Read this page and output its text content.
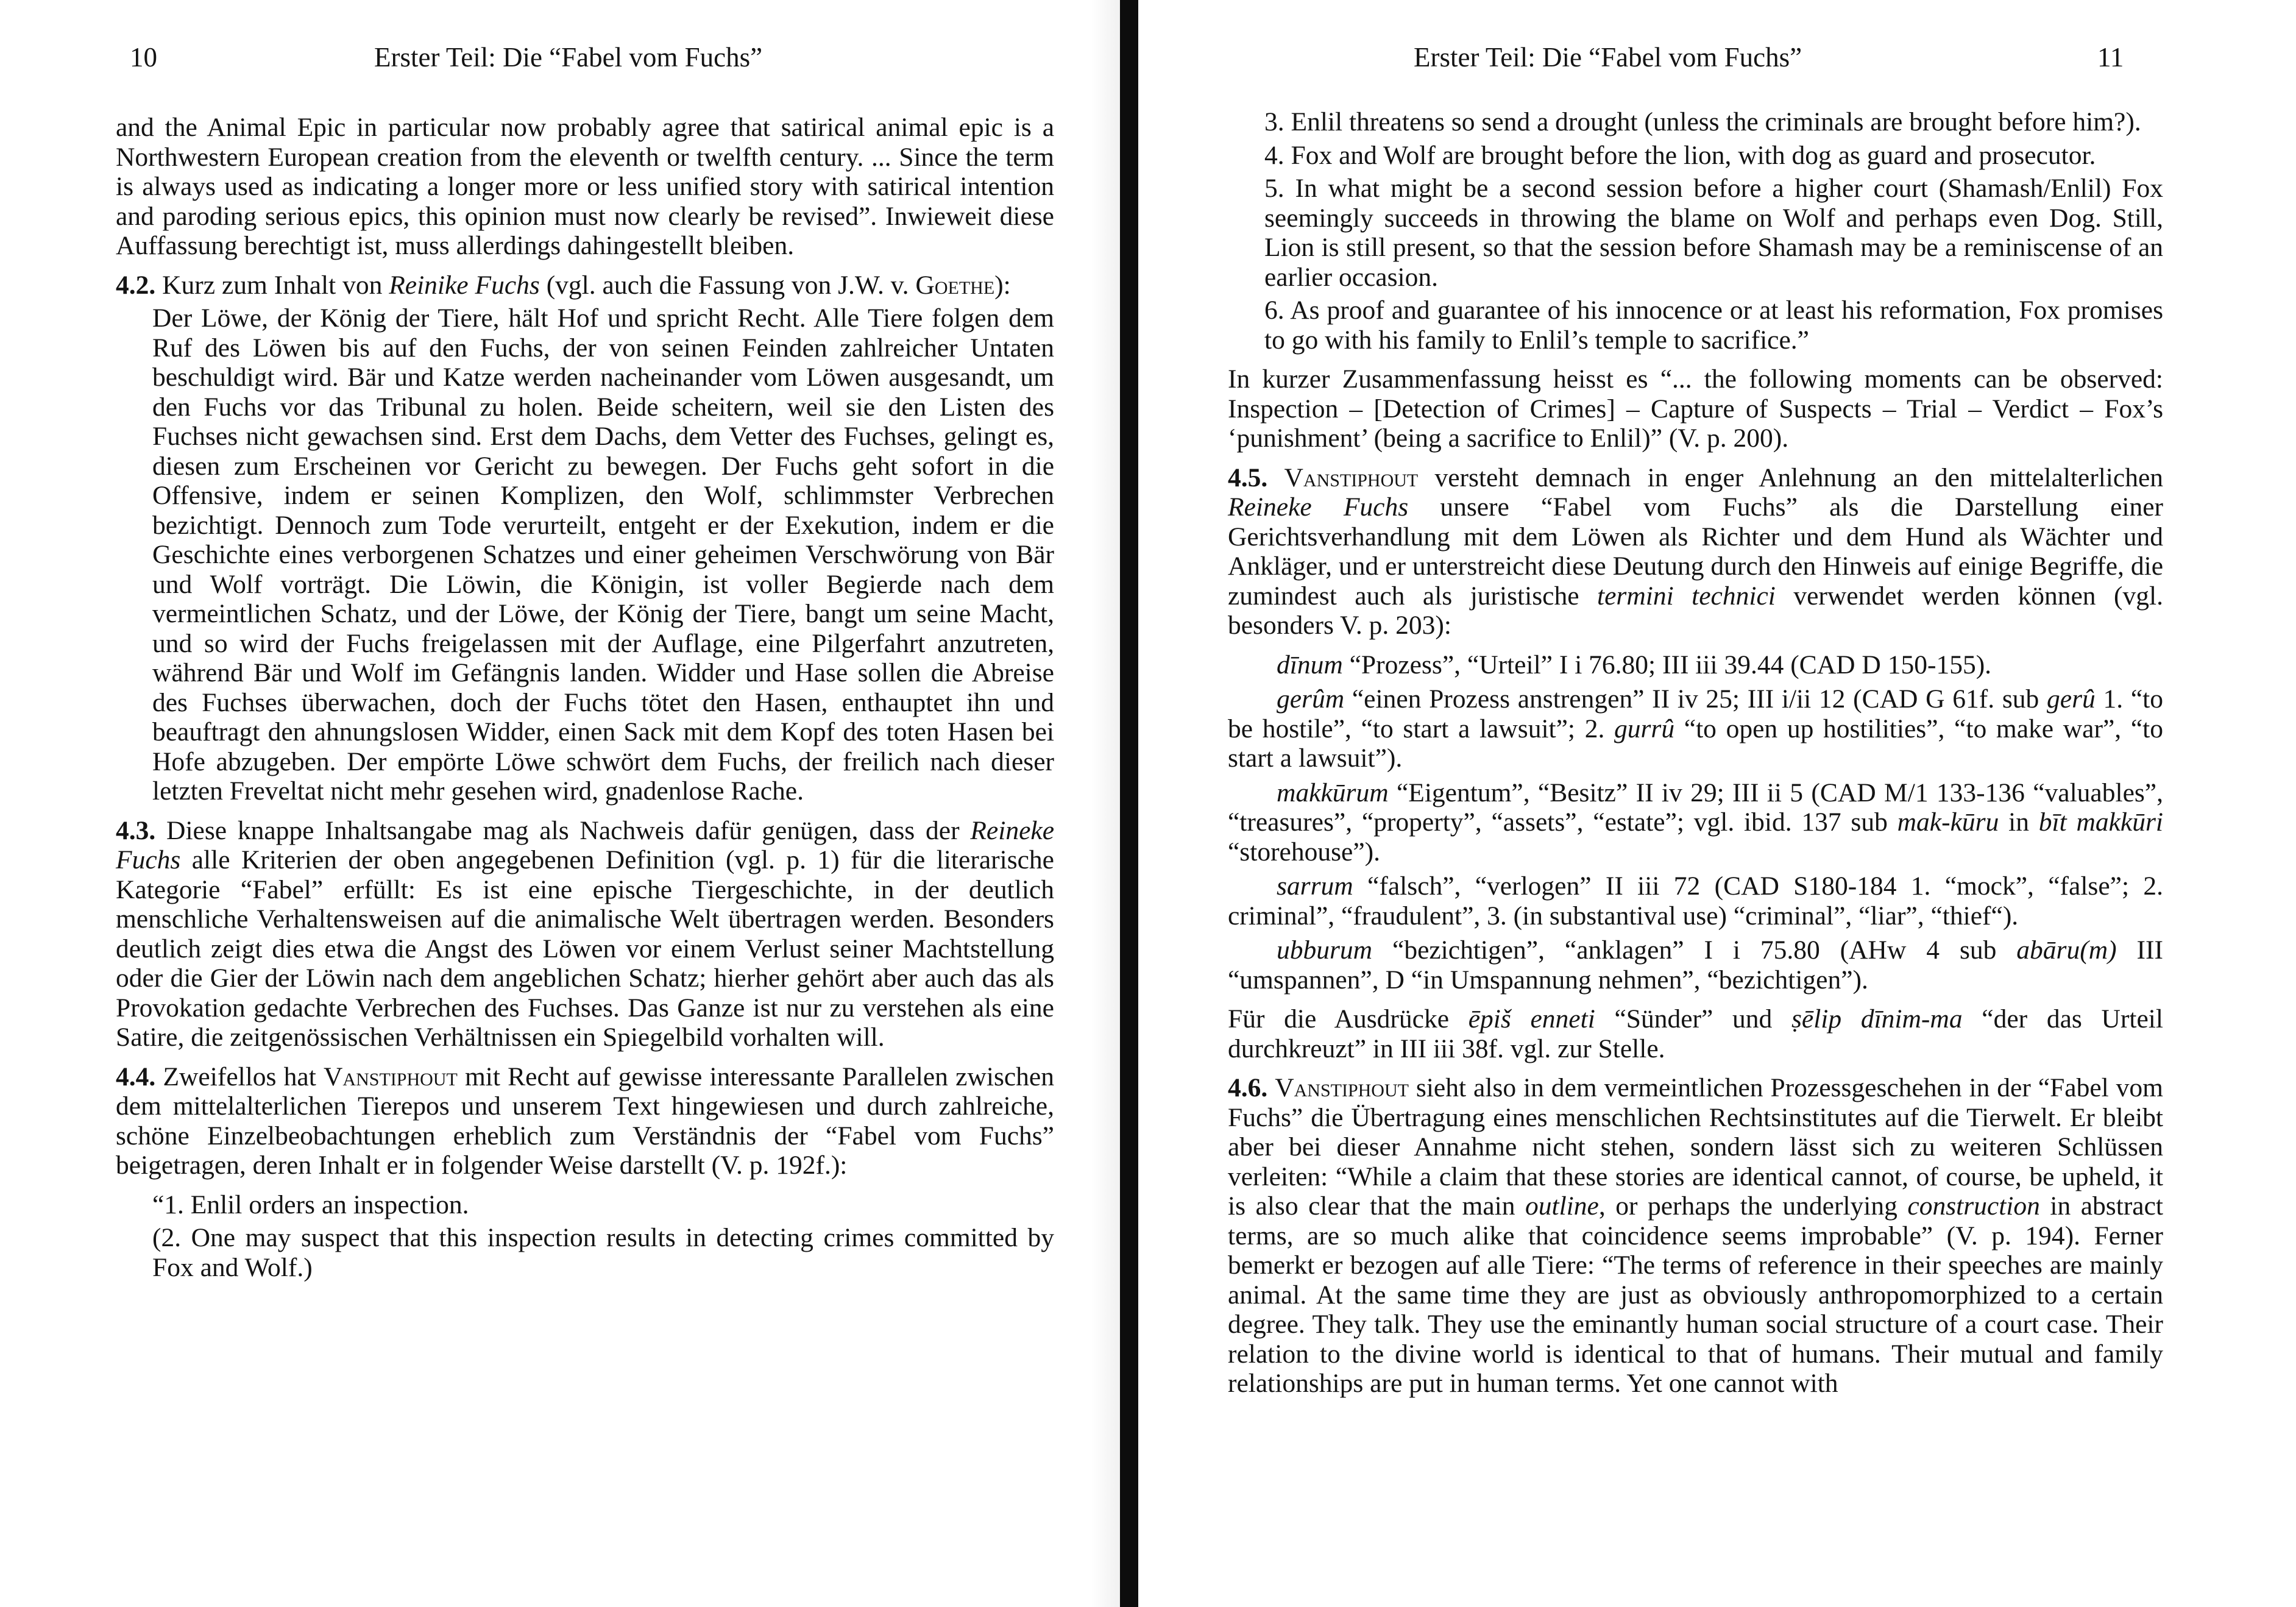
10	Erster Teil: Die “Fabel vom Fuchs”

and the Animal Epic in particular now probably agree that satirical animal epic is a Northwestern European creation from the eleventh or twelfth century. ... Since the term is always used as indicating a longer more or less unified story with satirical intention and paroding serious epics, this opinion must now clearly be revised”. Inwieweit diese Auffassung berechtigt ist, muss allerdings dahingestellt bleiben.

4.2. Kurz zum Inhalt von Reinike Fuchs (vgl. auch die Fassung von J.W. v. Goethe):

Der Löwe, der König der Tiere, hält Hof und spricht Recht. Alle Tiere folgen dem Ruf des Löwen bis auf den Fuchs, der von seinen Feinden zahlreicher Untaten beschuldigt wird. Bär und Katze werden nacheinander vom Löwen ausgesandt, um den Fuchs vor das Tribunal zu holen. Beide scheitern, weil sie den Listen des Fuchses nicht gewachsen sind. Erst dem Dachs, dem Vetter des Fuchses, gelingt es, diesen zum Erscheinen vor Gericht zu bewegen. Der Fuchs geht sofort in die Offensive, indem er seinen Komplizen, den Wolf, schlimmster Verbrechen bezichtigt. Dennoch zum Tode verurteilt, entgeht er der Exekution, indem er die Geschichte eines verborgenen Schatzes und einer geheimen Verschwörung von Bär und Wolf vorträgt. Die Löwin, die Königin, ist voller Begierde nach dem vermeintlichen Schatz, und der Löwe, der König der Tiere, bangt um seine Macht, und so wird der Fuchs freigelassen mit der Auflage, eine Pilgerfahrt anzutreten, während Bär und Wolf im Gefängnis landen. Widder und Hase sollen die Abreise des Fuchses überwachen, doch der Fuchs tötet den Hasen, enthauptet ihn und beauftragt den ahnungslosen Widder, einen Sack mit dem Kopf des toten Hasen bei Hofe abzugeben. Der empörte Löwe schwört dem Fuchs, der freilich nach dieser letzten Freveltat nicht mehr gesehen wird, gnadenlose Rache.

4.3. Diese knappe Inhaltsangabe mag als Nachweis dafür genügen, dass der Reineke Fuchs alle Kriterien der oben angegebenen Definition (vgl. p. 1) für die literarische Kategorie “Fabel” erfüllt: Es ist eine epische Tiergeschichte, in der deutlich menschliche Verhaltensweisen auf die animalische Welt übertragen werden. Besonders deutlich zeigt dies etwa die Angst des Löwen vor einem Verlust seiner Machtstellung oder die Gier der Löwin nach dem angeblichen Schatz; hierher gehört aber auch das als Provokation gedachte Verbrechen des Fuchses. Das Ganze ist nur zu verstehen als eine Satire, die zeitgenössischen Verhältnissen ein Spiegelbild vorhalten will.

4.4. Zweifellos hat Vanstiphout mit Recht auf gewisse interessante Parallelen zwischen dem mittelalterlichen Tierepos und unserem Text hingewiesen und durch zahlreiche, schöne Einzelbeobachtungen erheblich zum Verständnis der “Fabel vom Fuchs” beigetragen, deren Inhalt er in folgender Weise darstellt (V. p. 192f.):

“1. Enlil orders an inspection.

(2. One may suspect that this inspection results in detecting crimes committed by Fox and Wolf.)

Erster Teil: Die “Fabel vom Fuchs”	11

3. Enlil threatens so send a drought (unless the criminals are brought before him?).

4. Fox and Wolf are brought before the lion, with dog as guard and prosecutor.

5. In what might be a second session before a higher court (Shamash/Enlil) Fox seemingly succeeds in throwing the blame on Wolf and perhaps even Dog. Still, Lion is still present, so that the session before Shamash may be a reminiscense of an earlier occasion.

6. As proof and guarantee of his innocence or at least his reformation, Fox promises to go with his family to Enlil’s temple to sacrifice.”

In kurzer Zusammenfassung heisst es “... the following moments can be observed: Inspection – [Detection of Crimes] – Capture of Suspects – Trial – Verdict – Fox’s ‘punishment’ (being a sacrifice to Enlil)” (V. p. 200).

4.5. Vanstiphout versteht demnach in enger Anlehnung an den mittelalterlichen Reineke Fuchs unsere “Fabel vom Fuchs” als die Darstellung einer Gerichtsverhandlung mit dem Löwen als Richter und dem Hund als Wächter und Ankläger, und er unterstreicht diese Deutung durch den Hinweis auf einige Begriffe, die zumindest auch als juristische termini technici verwendet werden können (vgl. besonders V. p. 203):

dīnum “Prozess”, “Urteil” I i 76.80; III iii 39.44 (CAD D 150-155).

gerûm “einen Prozess anstrengen” II iv 25; III i/ii 12 (CAD G 61f. sub gerû 1. “to be hostile”, “to start a lawsuit”; 2. gurrû “to open up hostilities”, “to make war”, “to start a lawsuit”).

makkūrum “Eigentum”, “Besitz” II iv 29; III ii 5 (CAD M/1 133-136 “valuables”, “treasures”, “property”, “assets”, “estate”; vgl. ibid. 137 sub mak-kūru in bīt makkūri “storehouse”).

sarrum “falsch”, “verlogen” II iii 72 (CAD S180-184 1. “mock”, “false”; 2. criminal”, “fraudulent”, 3. (in substantival use) “criminal”, “liar”, “thief“).

ubburum “bezichtigen”, “anklagen” I i 75.80 (AHw 4 sub abāru(m) III “umspannen”, D “in Umspannung nehmen”, “bezichtigen”).

Für die Ausdrücke ēpiš enneti “Sünder” und ṣēlip dīnim-ma “der das Urteil durchkreuzt” in III iii 38f. vgl. zur Stelle.

4.6. Vanstiphout sieht also in dem vermeintlichen Prozessgeschehen in der “Fabel vom Fuchs” die Übertragung eines menschlichen Rechtsinstitutes auf die Tierwelt. Er bleibt aber bei dieser Annahme nicht stehen, sondern lässt sich zu weiteren Schlüssen verleiten: “While a claim that these stories are identical cannot, of course, be upheld, it is also clear that the main outline, or perhaps the underlying construction in abstract terms, are so much alike that coincidence seems improbable” (V. p. 194). Ferner bemerkt er bezogen auf alle Tiere: “The terms of reference in their speeches are mainly animal. At the same time they are just as obviously anthropomorphized to a certain degree. They talk. They use the eminantly human social structure of a court case. Their relation to the divine world is identical to that of humans. Their mutual and family relationships are put in human terms. Yet one cannot with
